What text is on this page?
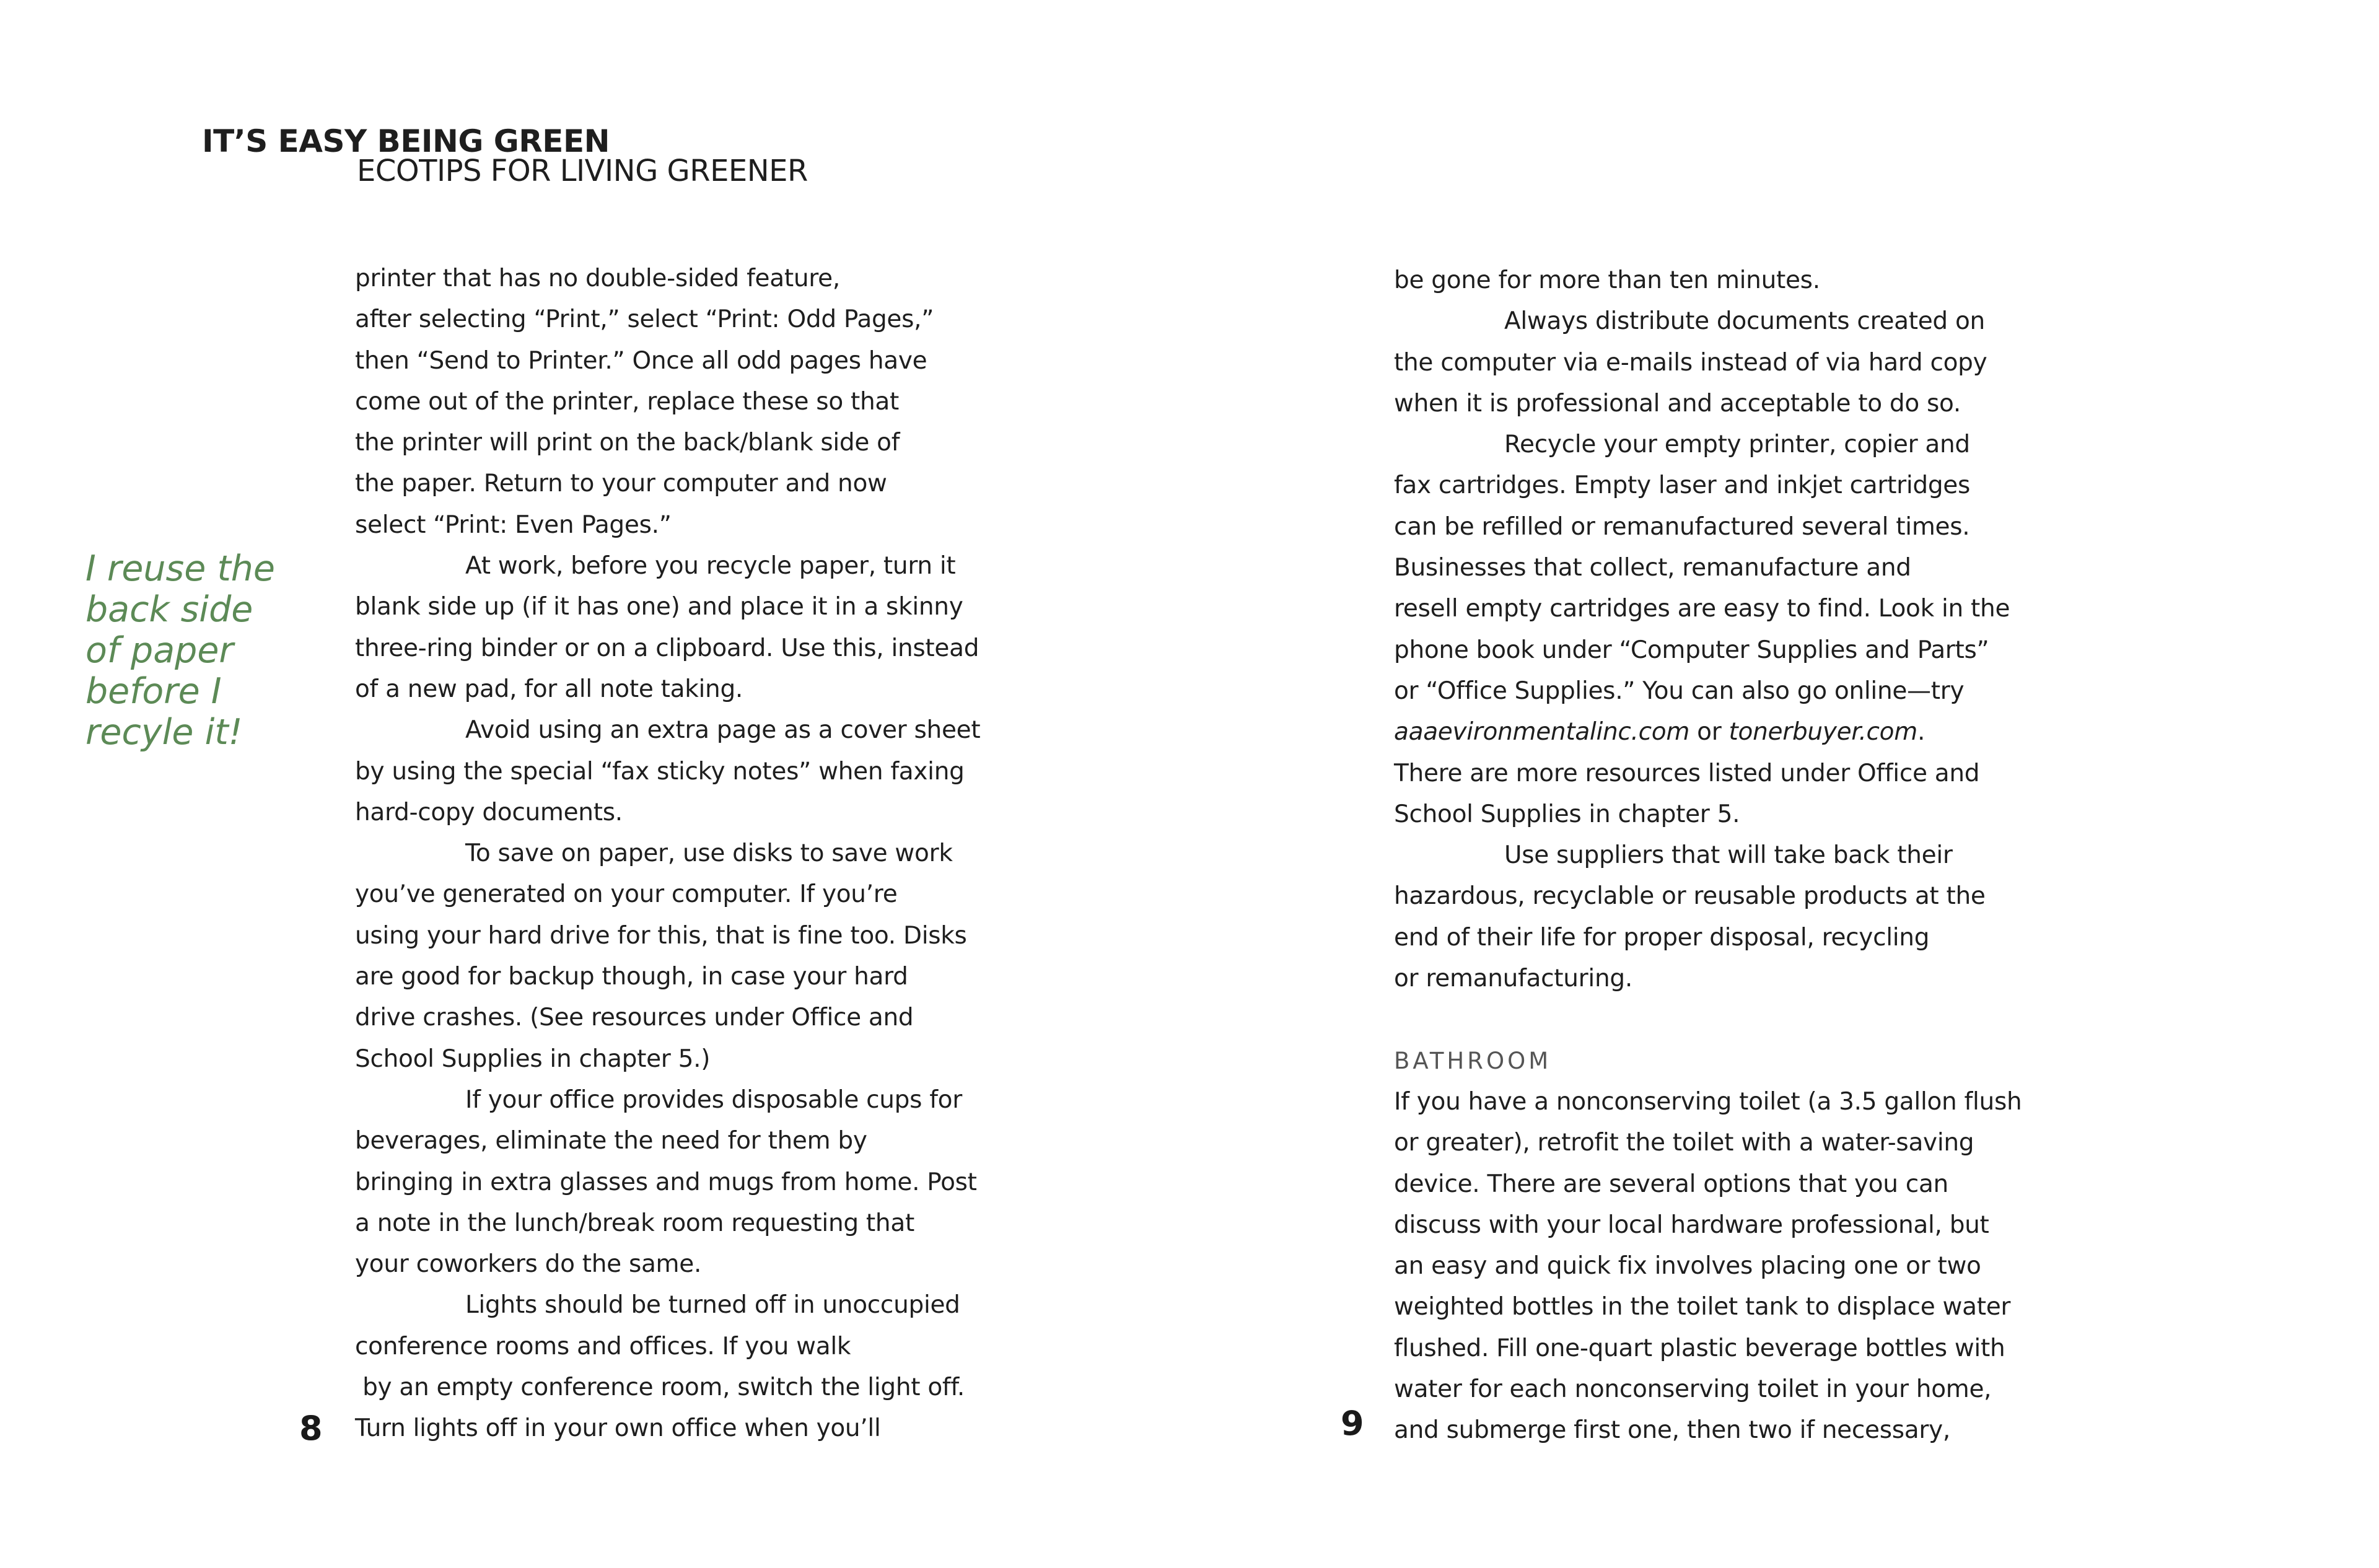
IT’S EASY BEING GREEN
ECOTIPS FOR LIVING GREENER
I reuse the
back side
of paper
before I
recyle it!
printer that has no double-sided feature,
after selecting “Print,” select “Print: Odd Pages,”
then “Send to Printer.” Once all odd pages have
come out of the printer, replace these so that
the printer will print on the back/blank side of
the paper. Return to your computer and now
select “Print: Even Pages.”
At work, before you recycle paper, turn it
blank side up (if it has one) and place it in a skinny
three-ring binder or on a clipboard. Use this, instead
of a new pad, for all note taking.
Avoid using an extra page as a cover sheet
by using the special “fax sticky notes” when faxing
hard-copy documents.
To save on paper, use disks to save work
you’ve generated on your computer. If you’re
using your hard drive for this, that is fine too. Disks
are good for backup though, in case your hard
drive crashes. (See resources under Office and
School Supplies in chapter 5.)
If your office provides disposable cups for
beverages, eliminate the need for them by
bringing in extra glasses and mugs from home. Post
a note in the lunch/break room requesting that
your coworkers do the same.
Lights should be turned off in unoccupied
conference rooms and offices. If you walk
by an empty conference room, switch the light off.
Turn lights off in your own office when you’ll
8
be gone for more than ten minutes.
Always distribute documents created on
the computer via e-mails instead of via hard copy
when it is professional and acceptable to do so.
Recycle your empty printer, copier and
fax cartridges. Empty laser and inkjet cartridges
can be refilled or remanufactured several times.
Businesses that collect, remanufacture and
resell empty cartridges are easy to find. Look in the
phone book under “Computer Supplies and Parts”
or “Office Supplies.” You can also go online—try
aaaevironmentalinc.com or tonerbuyer.com.
There are more resources listed under Office and
School Supplies in chapter 5.
Use suppliers that will take back their
hazardous, recyclable or reusable products at the
end of their life for proper disposal, recycling
or remanufacturing.
BATHROOM
If you have a nonconserving toilet (a 3.5 gallon flush
or greater), retrofit the toilet with a water-saving
device. There are several options that you can
discuss with your local hardware professional, but
an easy and quick fix involves placing one or two
weighted bottles in the toilet tank to displace water
flushed. Fill one-quart plastic beverage bottles with
water for each nonconserving toilet in your home,
and submerge first one, then two if necessary,
9
